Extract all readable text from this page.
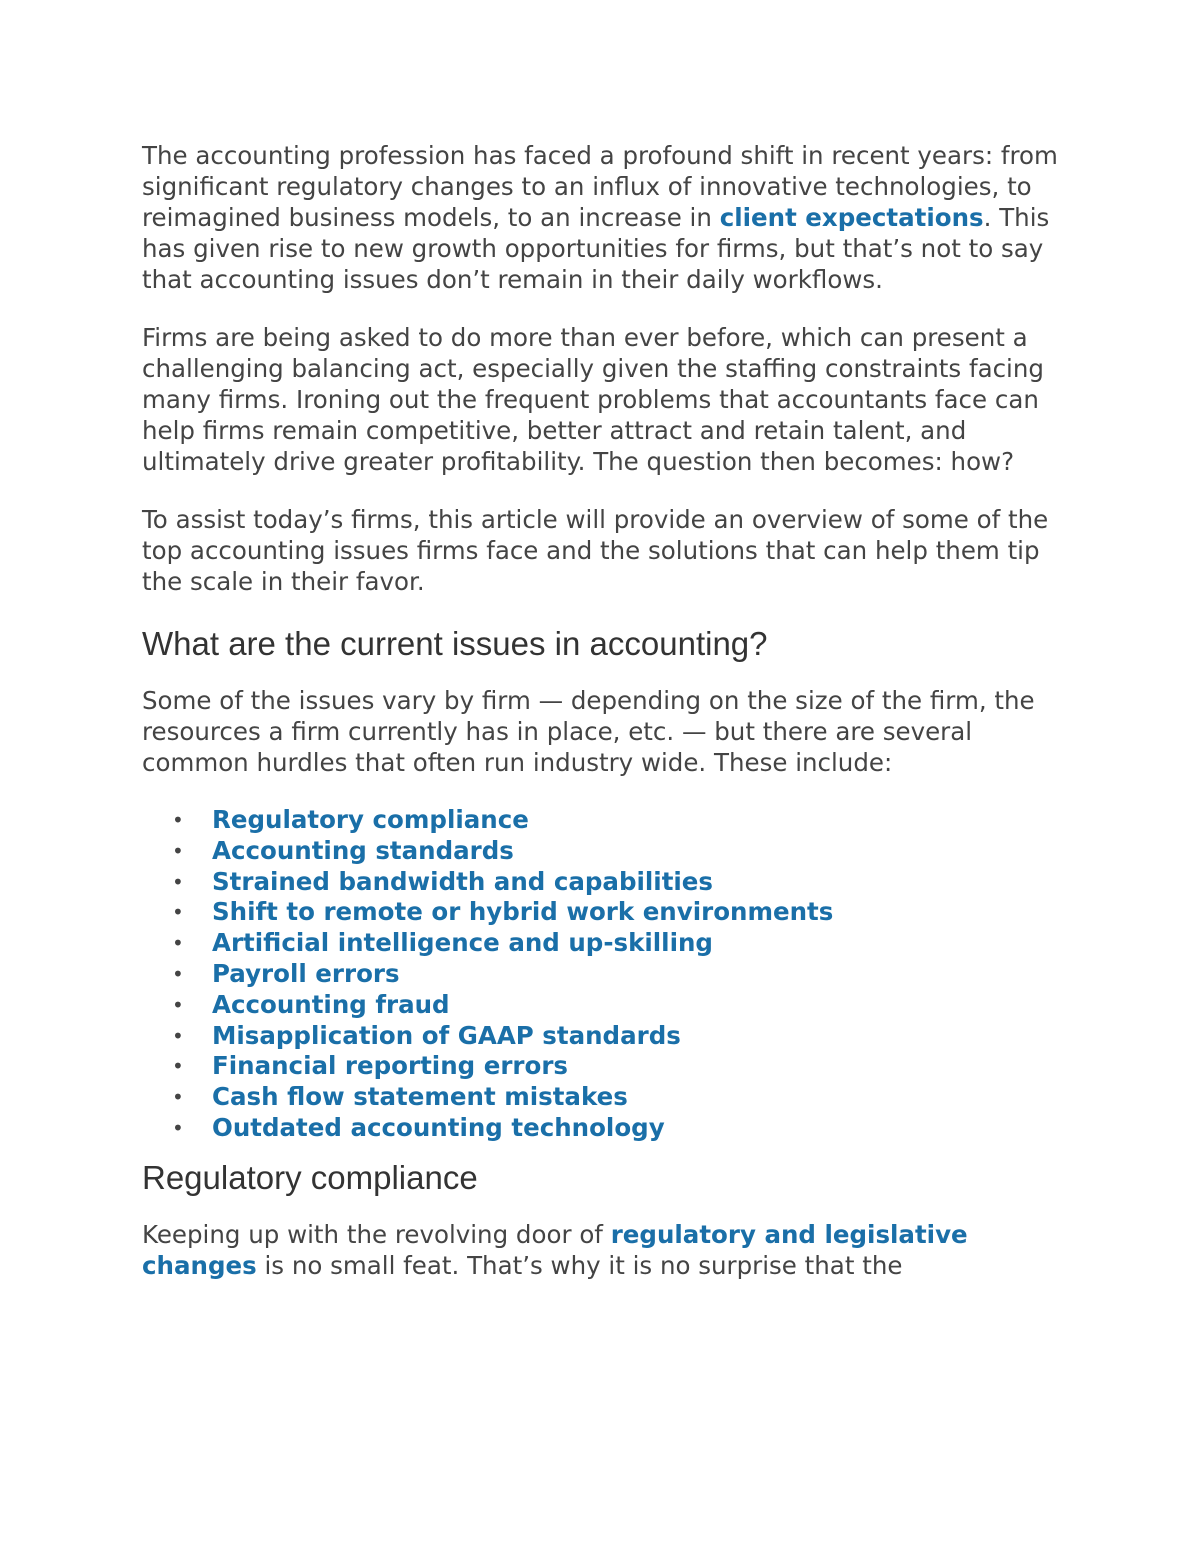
The accounting profession has faced a profound shift in recent years: from significant regulatory changes to an influx of innovative technologies, to reimagined business models, to an increase in client expectations. This has given rise to new growth opportunities for firms, but that’s not to say that accounting issues don’t remain in their daily workflows.

Firms are being asked to do more than ever before, which can present a challenging balancing act, especially given the staffing constraints facing many firms. Ironing out the frequent problems that accountants face can help firms remain competitive, better attract and retain talent, and ultimately drive greater profitability. The question then becomes: how?

To assist today’s firms, this article will provide an overview of some of the top accounting issues firms face and the solutions that can help them tip the scale in their favor.

What are the current issues in accounting?

Some of the issues vary by firm — depending on the size of the firm, the resources a firm currently has in place, etc. — but there are several common hurdles that often run industry wide. These include:

• Regulatory compliance
• Accounting standards
• Strained bandwidth and capabilities
• Shift to remote or hybrid work environments
• Artificial intelligence and up-skilling
• Payroll errors
• Accounting fraud
• Misapplication of GAAP standards
• Financial reporting errors
• Cash flow statement mistakes
• Outdated accounting technology
Regulatory compliance

Keeping up with the revolving door of regulatory and legislative changes is no small feat. That’s why it is no surprise that the
